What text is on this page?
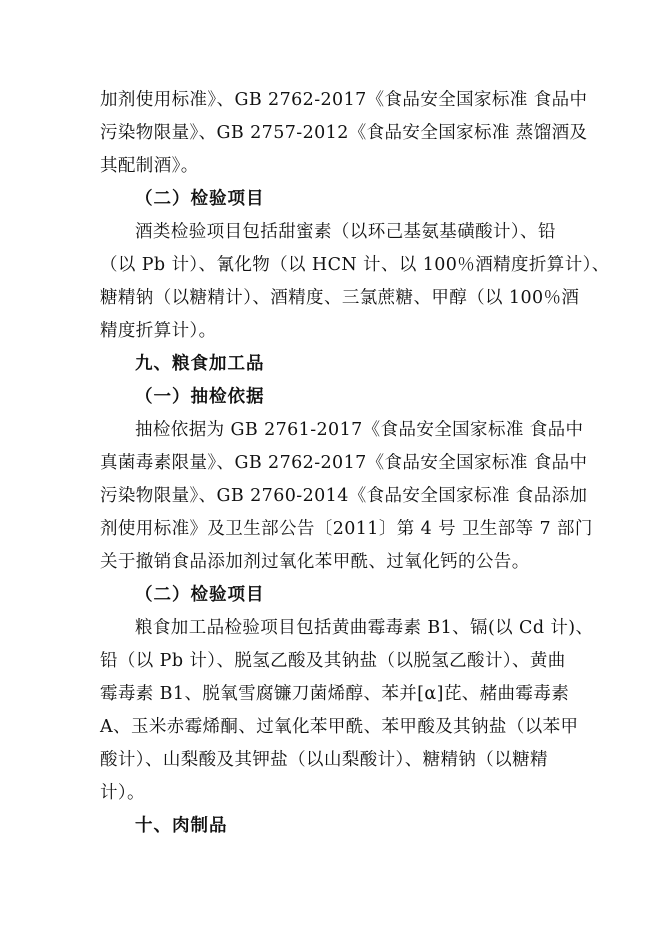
加剂使用标准》、GB 2762-2017《食品安全国家标准 食品中
污染物限量》、GB 2757-2012《食品安全国家标准 蒸馏酒及
其配制酒》。
（二）检验项目
酒类检验项目包括甜蜜素（以环己基氨基磺酸计）、铅
（以 Pb 计）、氰化物（以 HCN 计、以 100％酒精度折算计）、
糖精钠（以糖精计）、酒精度、三氯蔗糖、甲醇（以 100％酒
精度折算计）。
九、粮食加工品
（一）抽检依据
抽检依据为 GB 2761-2017《食品安全国家标准 食品中
真菌毒素限量》、GB 2762-2017《食品安全国家标准 食品中
污染物限量》、GB 2760-2014《食品安全国家标准 食品添加
剂使用标准》及卫生部公告〔2011〕第 4 号 卫生部等 7 部门
关于撤销食品添加剂过氧化苯甲酰、过氧化钙的公告。
（二）检验项目
粮食加工品检验项目包括黄曲霉毒素 B1、镉(以 Cd 计)、
铅（以 Pb 计）、脱氢乙酸及其钠盐（以脱氢乙酸计）、黄曲
霉毒素 B1、脱氧雪腐镰刀菌烯醇、苯并[α]芘、赭曲霉毒素
A、玉米赤霉烯酮、过氧化苯甲酰、苯甲酸及其钠盐（以苯甲
酸计）、山梨酸及其钾盐（以山梨酸计）、糖精钠（以糖精
计）。
十、肉制品
